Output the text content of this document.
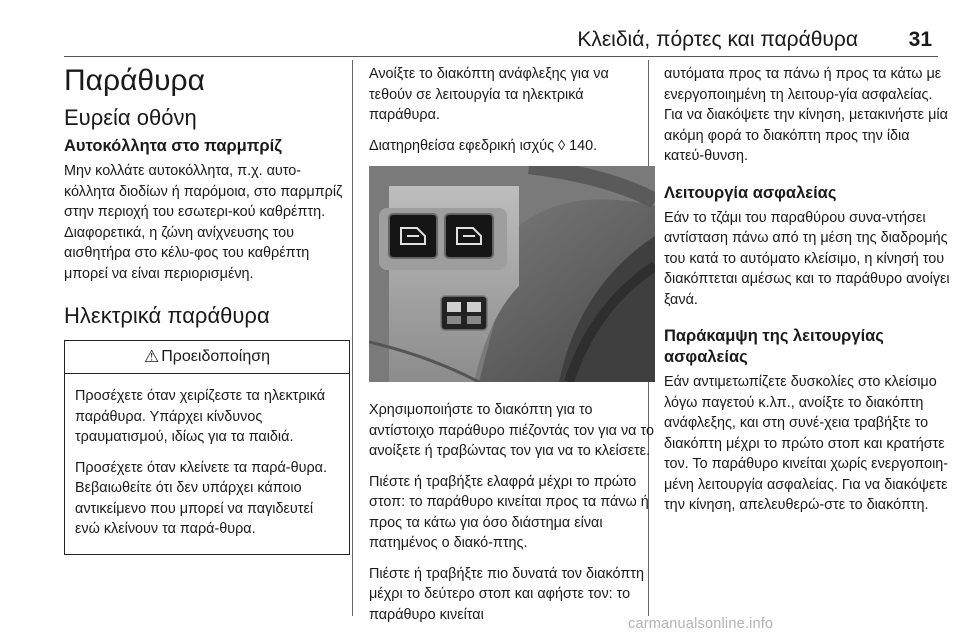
Κλειδιά, πόρτες και παράθυρα 31
Παράθυρα
Ευρεία οθόνη
Αυτοκόλλητα στο παρμπρίζ

Μην κολλάτε αυτοκόλλητα, π.χ. αυτο-κόλλητα διοδίων ή παρόμοια, στο παρμπρίζ στην περιοχή του εσωτερι-κού καθρέπτη. Διαφορετικά, η ζώνη ανίχνευσης του αισθητήρα στο κέλυ-φος του καθρέπτη μπορεί να είναι περιορισμένη.

Ηλεκτρικά παράθυρα
⚠ Προειδοποίηση

Προσέχετε όταν χειρίζεστε τα ηλεκτρικά παράθυρα. Υπάρχει κίνδυνος τραυματισμού, ιδίως για τα παιδιά.

Προσέχετε όταν κλείνετε τα παρά-θυρα. Βεβαιωθείτε ότι δεν υπάρχει κάποιο αντικείμενο που μπορεί να παγιδευτεί ενώ κλείνουν τα παρά-θυρα.

Ανοίξτε το διακόπτη ανάφλεξης για να τεθούν σε λειτουργία τα ηλεκτρικά παράθυρα.

Διατηρηθείσα εφεδρική ισχύς ◊ 140.

Χρησιμοποιήστε το διακόπτη για το αντίστοιχο παράθυρο πιέζοντάς τον για να το ανοίξετε ή τραβώντας τον για να το κλείσετε.

Πιέστε ή τραβήξτε ελαφρά μέχρι το πρώτο στοπ: το παράθυρο κινείται προς τα πάνω ή προς τα κάτω για όσο διάστημα είναι πατημένος ο διακό-πτης.

Πιέστε ή τραβήξτε πιο δυνατά τον διακόπτη μέχρι το δεύτερο στοπ και αφήστε τον: το παράθυρο κινείται

αυτόματα προς τα πάνω ή προς τα κάτω με ενεργοποιημένη τη λειτουρ-γία ασφαλείας. Για να διακόψετε την κίνηση, μετακινήστε μία ακόμη φορά το διακόπτη προς την ίδια κατεύ-θυνση.

Λειτουργία ασφαλείας

Εάν το τζάμι του παραθύρου συνα-ντήσει αντίσταση πάνω από τη μέση της διαδρομής του κατά το αυτόματο κλείσιμο, η κίνησή του διακόπτεται αμέσως και το παράθυρο ανοίγει ξανά.

Παράκαμψη της λειτουργίας ασφαλείας

Εάν αντιμετωπίζετε δυσκολίες στο κλείσιμο λόγω παγετού κ.λπ., ανοίξτε το διακόπτη ανάφλεξης, και στη συνέ-χεια τραβήξτε το διακόπτη μέχρι το πρώτο στοπ και κρατήστε τον. Το παράθυρο κινείται χωρίς ενεργοποιη-μένη λειτουργία ασφαλείας. Για να διακόψετε την κίνηση, απελευθερώ-στε το διακόπτη.

carmanualsonline.info
